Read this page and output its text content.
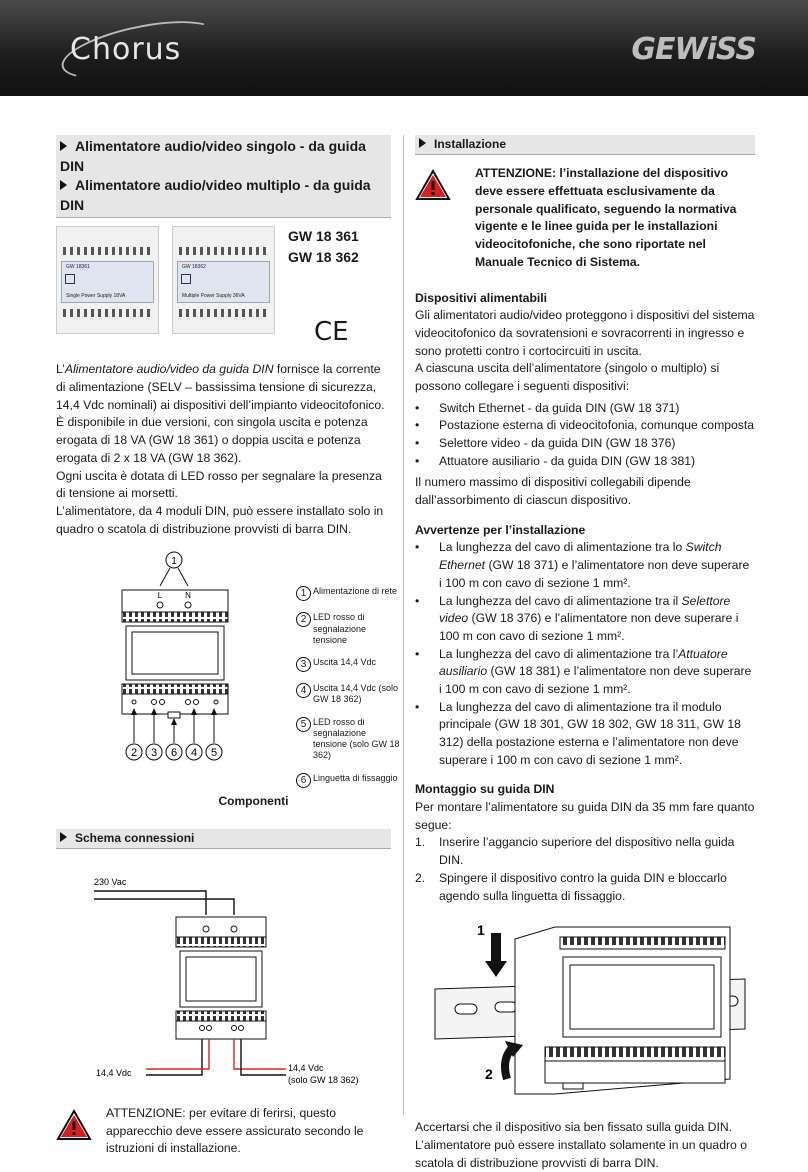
Chorus	GEWiSS
Alimentatore audio/video singolo - da guida DIN
Alimentatore audio/video multiplo - da guida DIN
GW 18361
Single Power Supply 18VA
GW 18362
Multiple Power Supply 36VA
GW 18 361
GW 18 362
CE

L’Alimentatore audio/video da guida DIN fornisce la corrente di alimentazione (SELV – bassissima tensione di sicurezza, 14,4 Vdc nominali) ai dispositivi dell’impianto videocitofonico.

È disponibile in due versioni, con singola uscita e potenza erogata di 18 VA (GW 18 361) o doppia uscita e potenza erogata di 2 x 18 VA (GW 18 362).

Ogni uscita è dotata di LED rosso per segnalare la presenza di tensione ai morsetti.

L’alimentatore, da 4 moduli DIN, può essere installato solo in quadro o scatola di distribuzione provvisti di barra DIN.

1
L	N
2 3 6 4 5
1 Alimentazione di rete
2 LED rosso di segnalazione tensione
3 Uscita 14,4 Vdc
4 Uscita 14,4 Vdc (solo GW 18 362)
5 LED rosso di segnalazione tensione (solo GW 18 362)
6 Linguetta di fissaggio
Componenti
Schema connessioni
230 Vac
14,4 Vdc	14,4 Vdc
(solo GW 18 362)
ATTENZIONE: per evitare di ferirsi, questo apparecchio deve essere assicurato secondo le istruzioni di installazione.
Installazione
ATTENZIONE: l’installazione del dispositivo deve essere effettuata esclusivamente da personale qualificato, seguendo la normativa vigente e le linee guida per le installazioni videocitofoniche, che sono riportate nel Manuale Tecnico di Sistema.
Dispositivi alimentabili

Gli alimentatori audio/video proteggono i dispositivi del sistema videocitofonico da sovratensioni e sovracorrenti in ingresso e sono protetti contro i cortocircuiti in uscita.

A ciascuna uscita dell’alimentatore (singolo o multiplo) si possono collegare i seguenti dispositivi:

• Switch Ethernet - da guida DIN (GW 18 371)
• Postazione esterna di videocitofonia, comunque composta
• Selettore video - da guida DIN (GW 18 376)
• Attuatore ausiliario - da guida DIN (GW 18 381)

Il numero massimo di dispositivi collegabili dipende dall’assorbimento di ciascun dispositivo.

Avvertenze per l’installazione
• La lunghezza del cavo di alimentazione tra lo Switch Ethernet (GW 18 371) e l’alimentatore non deve superare i 100 m con cavo di sezione 1 mm².
• La lunghezza del cavo di alimentazione tra il Selettore video (GW 18 376) e l’alimentatore non deve superare i 100 m con cavo di sezione 1 mm².
• La lunghezza del cavo di alimentazione tra l’Attuatore ausiliario (GW 18 381) e l’alimentatore non deve superare i 100 m con cavo di sezione 1 mm².
• La lunghezza del cavo di alimentazione tra il modulo principale (GW 18 301, GW 18 302, GW 18 311, GW 18 312) della postazione esterna e l’alimentatore non deve superare i 100 m con cavo di sezione 1 mm².
Montaggio su guida DIN

Per montare l’alimentatore su guida DIN da 35 mm fare quanto segue:

1.	Inserire l’aggancio superiore del dispositivo nella guida DIN.
2.	Spingere il dispositivo contro la guida DIN e bloccarlo agendo sulla linguetta di fissaggio.
1
2

Accertarsi che il dispositivo sia ben fissato sulla guida DIN.

L’alimentatore può essere installato solamente in un quadro o scatola di distribuzione provvisti di barra DIN.
